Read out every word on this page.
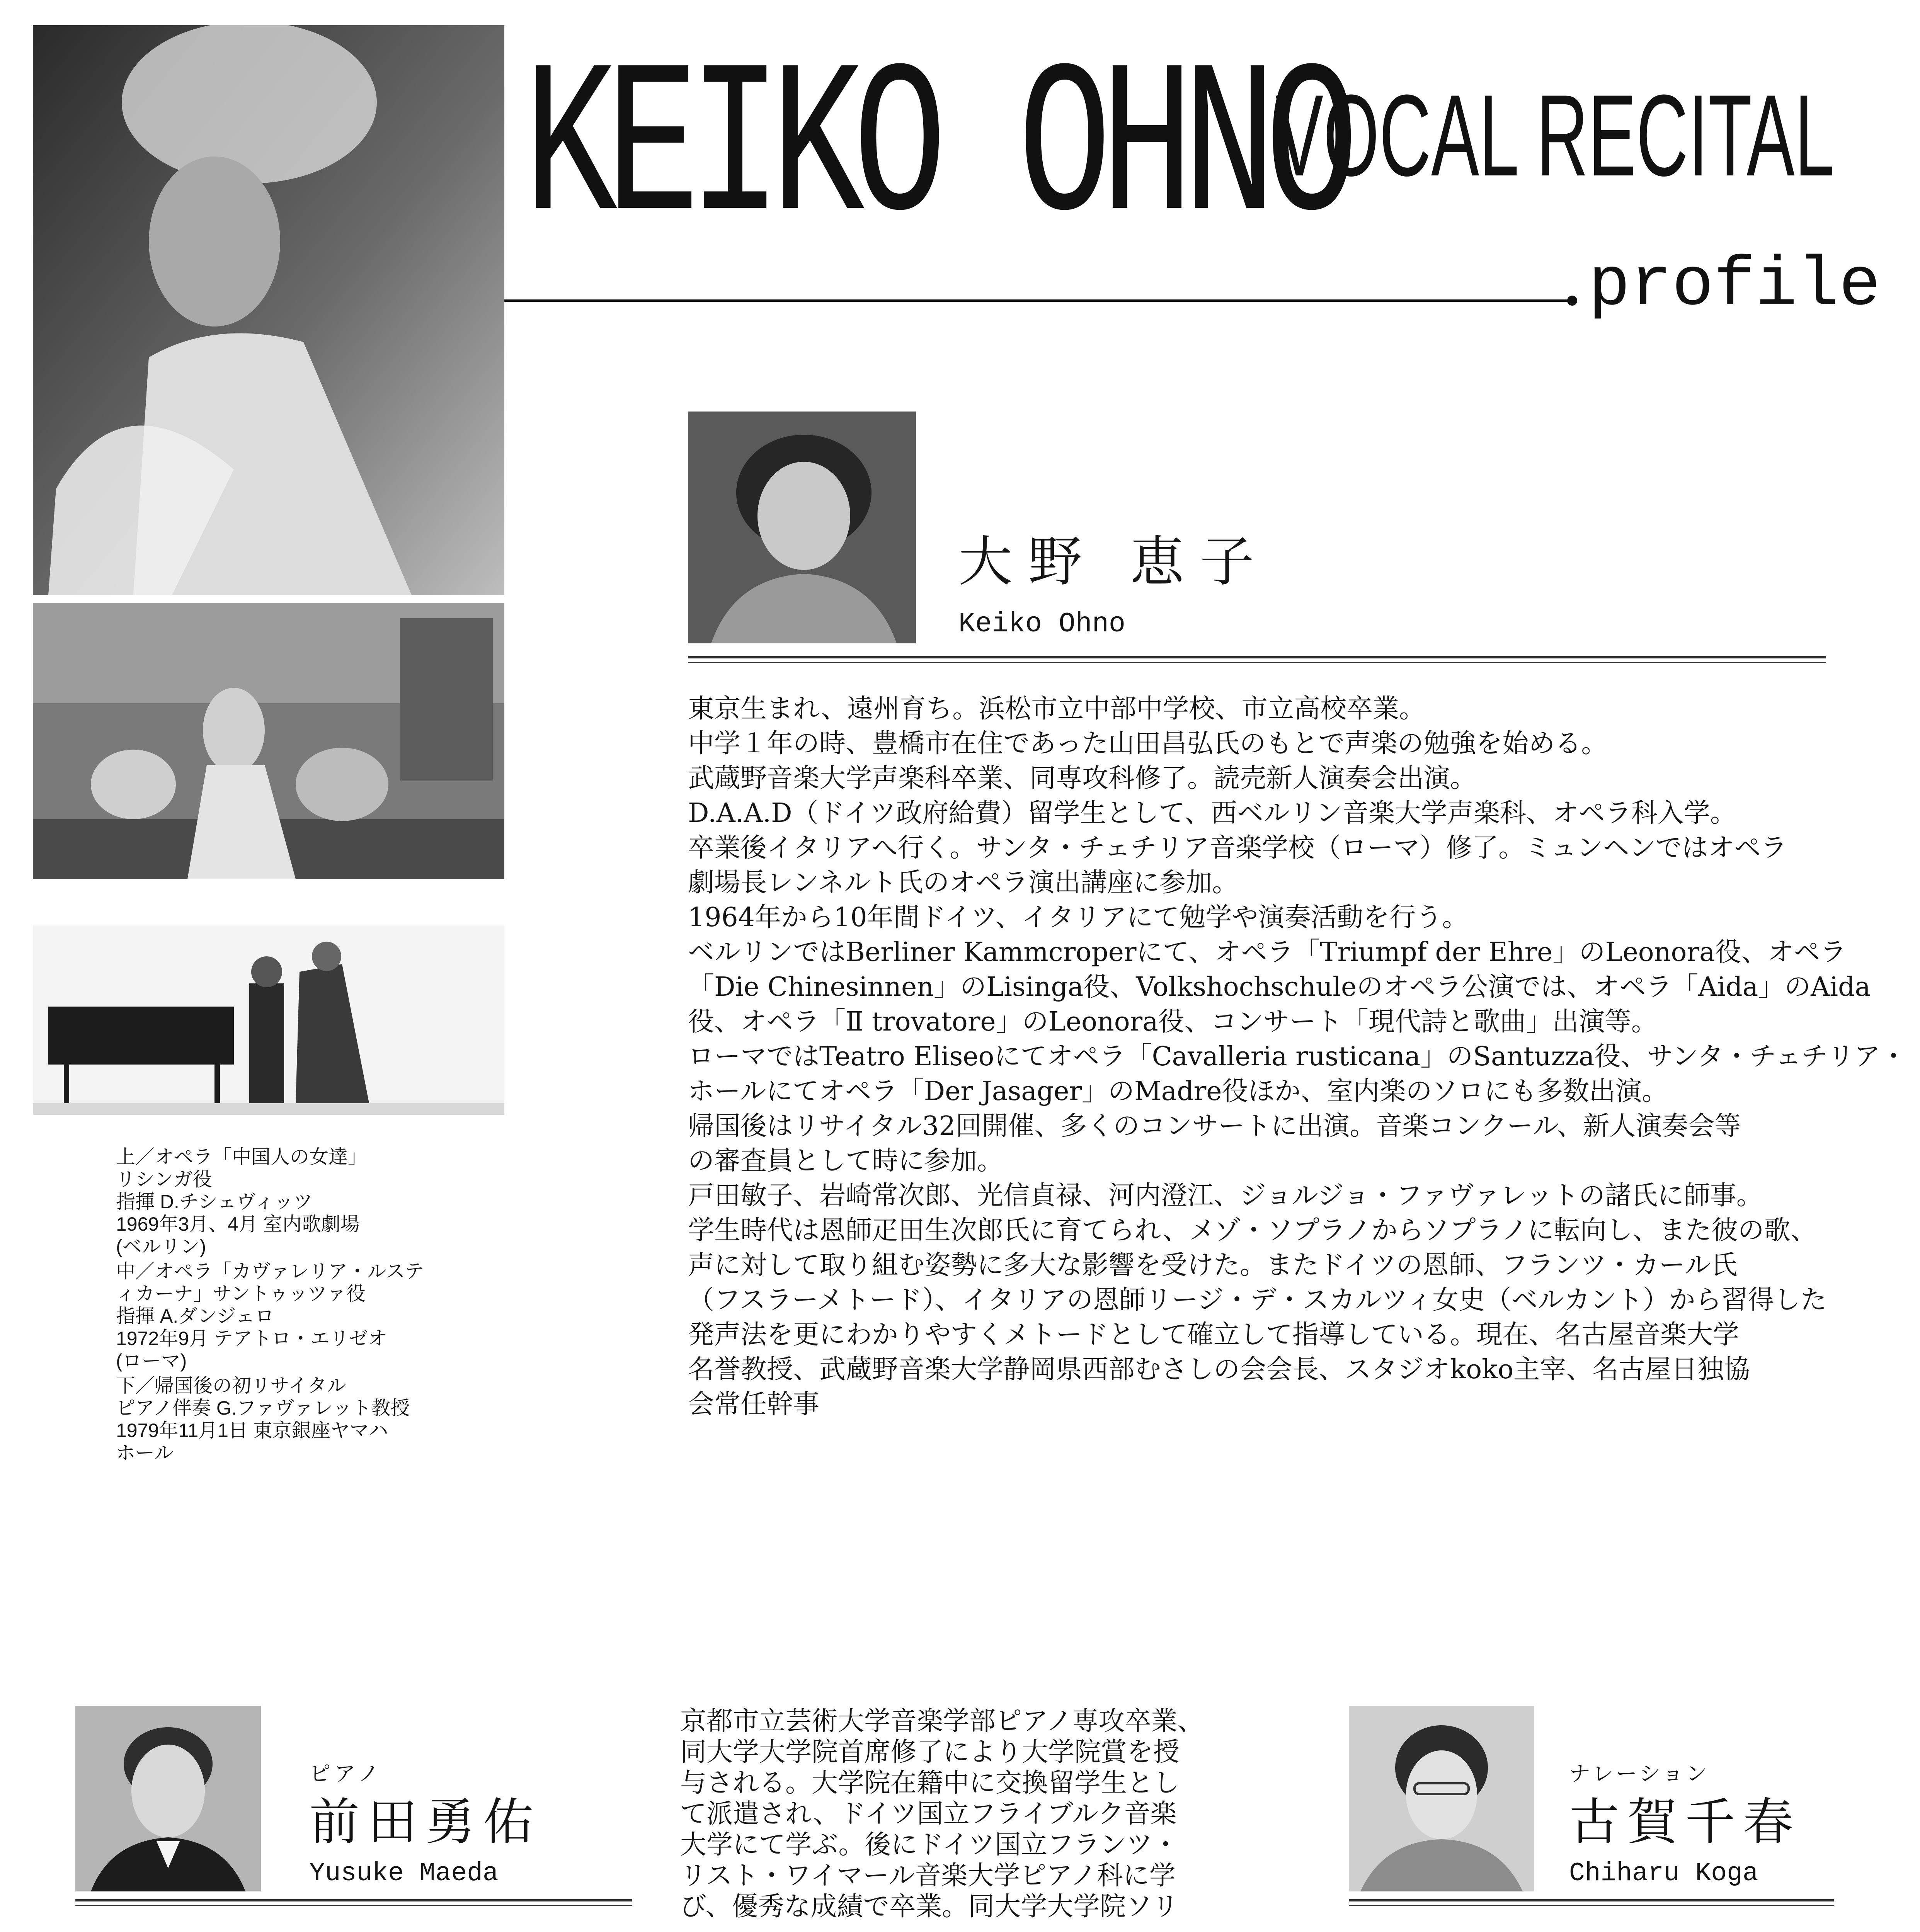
KEIKO OHNO
VOCAL RECITAL
profile
上／オペラ「中国人の女達」
リシンガ役
指揮 D.チシェヴィッツ
1969年3月、4月 室内歌劇場
(ベルリン)
中／オペラ「カヴァレリア・ルステ
ィカーナ」サントゥッツァ役
指揮 A.ダンジェロ
1972年9月 テアトロ・エリゼオ
(ローマ)
下／帰国後の初リサイタル
ピアノ伴奏 G.ファヴァレット教授
1979年11月1日 東京銀座ヤマハ
ホール
大野 恵子
Keiko Ohno
東京生まれ、遠州育ち。浜松市立中部中学校、市立高校卒業。
中学１年の時、豊橋市在住であった山田昌弘氏のもとで声楽の勉強を始める。
武蔵野音楽大学声楽科卒業、同専攻科修了。読売新人演奏会出演。
D.A.A.D（ドイツ政府給費）留学生として、西ベルリン音楽大学声楽科、オペラ科入学。
卒業後イタリアへ行く。サンタ・チェチリア音楽学校（ローマ）修了。ミュンヘンではオペラ
劇場長レンネルト氏のオペラ演出講座に参加。
1964年から10年間ドイツ、イタリアにて勉学や演奏活動を行う。
ベルリンではBerliner Kammcroperにて、オペラ「Triumpf der Ehre」のLeonora役、オペラ
「Die Chinesinnen」のLisinga役、Volkshochschuleのオペラ公演では、オペラ「Aida」のAida
役、オペラ「Ⅱ trovatore」のLeonora役、コンサート「現代詩と歌曲」出演等。
ローマではTeatro Eliseoにてオペラ「Cavalleria rusticana」のSantuzza役、サンタ・チェチリア・
ホールにてオペラ「Der Jasager」のMadre役ほか、室内楽のソロにも多数出演。
帰国後はリサイタル32回開催、多くのコンサートに出演。音楽コンクール、新人演奏会等
の審査員として時に参加。
戸田敏子、岩崎常次郎、光信貞禄、河内澄江、ジョルジョ・ファヴァレットの諸氏に師事。
学生時代は恩師疋田生次郎氏に育てられ、メゾ・ソプラノからソプラノに転向し、また彼の歌、
声に対して取り組む姿勢に多大な影響を受けた。またドイツの恩師、フランツ・カール氏
（フスラーメトード）、イタリアの恩師リージ・デ・スカルツィ女史（ベルカント）から習得した
発声法を更にわかりやすくメトードとして確立して指導している。現在、名古屋音楽大学
名誉教授、武蔵野音楽大学静岡県西部むさしの会会長、スタジオkoko主宰、名古屋日独協
会常任幹事
ピアノ
前田勇佑
Yusuke Maeda
京都市立芸術大学音楽学部ピアノ専攻卒業、
同大学大学院首席修了により大学院賞を授
与される。大学院在籍中に交換留学生とし
て派遣され、ドイツ国立フライブルク音楽
大学にて学ぶ。後にドイツ国立フランツ・
リスト・ワイマール音楽大学ピアノ科に学
び、優秀な成績で卒業。同大学大学院ソリ
ナレーション
古賀千春
Chiharu Koga
